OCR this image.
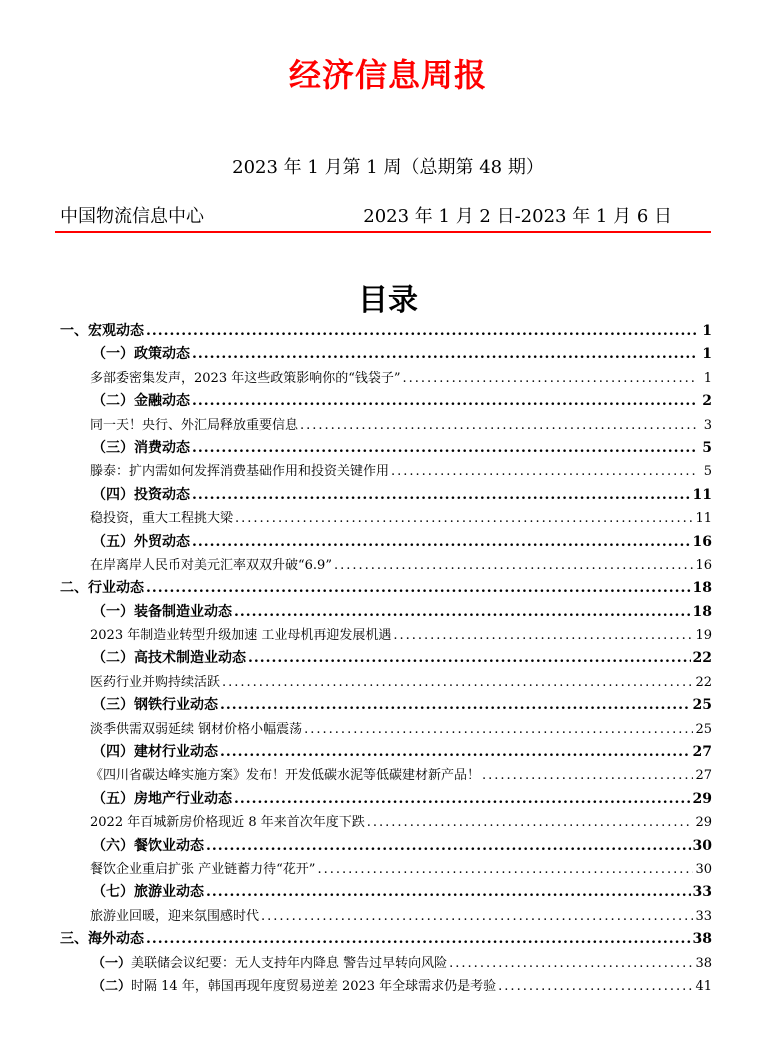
经济信息周报
2023 年 1 月第 1 周（总期第 48 期）
中国物流信息中心	2023 年 1 月 2 日-2023 年 1 月 6 日
目录
一、宏观动态 .....	1
（一）政策动态 .....	1
多部委密集发声，2023 年这些政策影响你的“钱袋子” .....	1
（二）金融动态 .....	2
同一天！央行、外汇局释放重要信息 .....	3
（三）消费动态 .....	5
滕泰：扩内需如何发挥消费基础作用和投资关键作用 .....	5
（四）投资动态 .....	11
稳投资，重大工程挑大梁 .....	11
（五）外贸动态 .....	16
在岸离岸人民币对美元汇率双双升破“6.9” .....	16
二、行业动态 .....	18
（一）装备制造业动态 .....	18
2023 年制造业转型升级加速 工业母机再迎发展机遇 .....	19
（二）高技术制造业动态 .....	22
医药行业并购持续活跃 .....	22
（三）钢铁行业动态 .....	25
淡季供需双弱延续 钢材价格小幅震荡 .....	25
（四）建材行业动态 .....	27
《四川省碳达峰实施方案》发布！开发低碳水泥等低碳建材新产品！ .....	27
（五）房地产行业动态 .....	29
2022 年百城新房价格现近 8 年来首次年度下跌 .....	29
（六）餐饮业动态 .....	30
餐饮企业重启扩张 产业链蓄力待“花开” .....	30
（七）旅游业动态 .....	33
旅游业回暖，迎来氛围感时代 .....	33
三、海外动态 .....	38
（一）美联储会议纪要：无人支持年内降息 警告过早转向风险 .....	38
（二）时隔 14 年，韩国再现年度贸易逆差 2023 年全球需求仍是考验 .....	41
